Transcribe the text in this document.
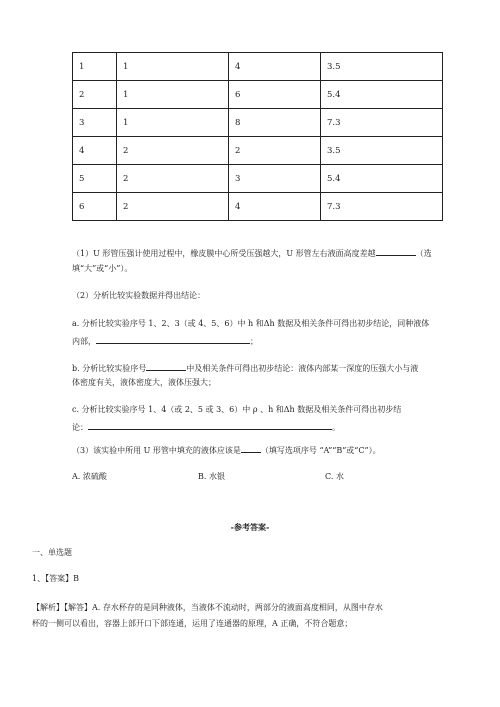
1	1	4	3.5
2	1	6	5.4
3	1	8	7.3
4	2	2	3.5
5	2	3	5.4
6	2	4	7.3
（1）U 形管压强计使用过程中，橡皮膜中心所受压强越大，U 形管左右液面高度差越	（选
填“大”或“小”）。
（2）分析比较实验数据并得出结论：
a. 分析比较实验序号 1、2、3（或 4、5、6）中 h 和Δh 数据及相关条件可得出初步结论，同种液体
内部，	；
b. 分析比较实验序号	中及相关条件可得出初步结论：液体内部某一深度的压强大小与液
体密度有关，液体密度大，液体压强大；
c. 分析比较实验序号 1、4（或 2、5 或 3、6）中 ρ 、h 和Δh 数据及相关条件可得出初步结
论：	。
（3）该实验中所用 U 形管中填充的液体应该是	（填写选项序号 “A”“B”或“C”）。
A. 浓硫酸	B. 水银	C. 水
-参考答案-
一、单选题
1、【答案】B
【解析】【解答】A. 存水杯存的是同种液体，当液体不流动时，两部分的液面高度相同，从图中存水
杯的一侧可以看出，容器上部开口下部连通，运用了连通器的原理，A 正确，不符合题意；
